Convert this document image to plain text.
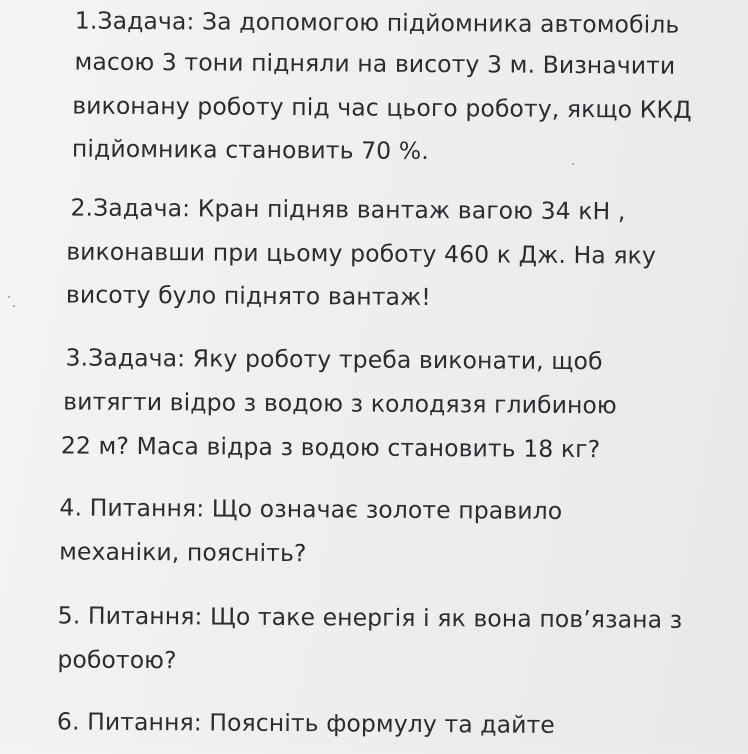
1.Задача: За допомогою підйомника автомобіль
масою 3 тони підняли на висоту 3 м. Визначити
виконану роботу під час цього роботу, якщо ККД
підйомника становить 70 %.
2.Задача: Кран підняв вантаж вагою 34 кН ,
виконавши при цьому роботу 460 к Дж. На яку
висоту було піднято вантаж!
3.Задача: Яку роботу треба виконати, щоб
витягти відро з водою з колодязя глибиною
22 м? Маса відра з водою становить 18 кг?
4. Питання: Що означає золоте правило
механіки, поясніть?
5. Питання: Що таке енергія і як вона пов’язана з
роботою?
6. Питання: Поясніть формулу та дайте
